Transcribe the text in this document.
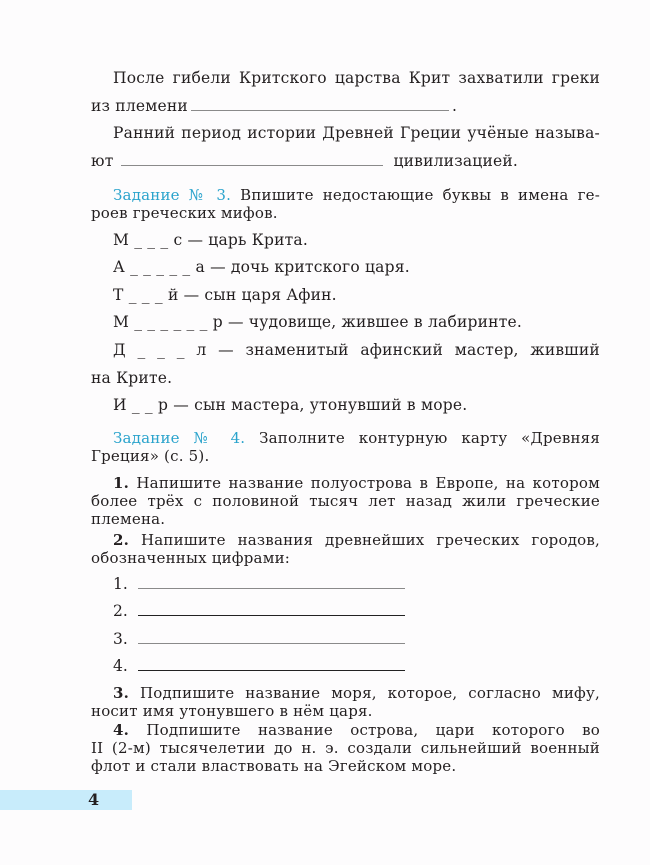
После гибели Критского царства Крит захватили греки
из племени	.
Ранний период истории Древней Греции учёные называ-
ют	цивилизацией.
Задание № 3. Впишите недостающие буквы в имена ге-
роев греческих мифов.
М _ _ _ с — царь Крита.
А _ _ _ _ _ а — дочь критского царя.
Т _ _ _ й — сын царя Афин.
М _ _ _ _ _ _ р — чудовище, жившее в лабиринте.
Д _ _ _ л — знаменитый афинский мастер, живший
на Крите.
И _ _ р — сын мастера, утонувший в море.
Задание № 4. Заполните контурную карту «Древняя
Греция» (с. 5).
1. Напишите название полуострова в Европе, на котором
более трёх с половиной тысяч лет назад жили греческие
племена.
2. Напишите названия древнейших греческих городов,
обозначенных цифрами:
1.
2.
3.
4.
3. Подпишите название моря, которое, согласно мифу,
носит имя утонувшего в нём царя.
4. Подпишите название острова, цари которого во
II (2-м) тысячелетии до н. э. создали сильнейший военный
флот и стали властвовать на Эгейском море.
4
